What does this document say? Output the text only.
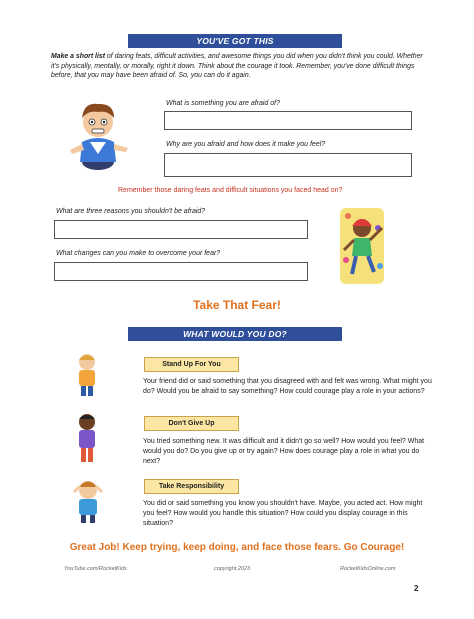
YOU'VE GOT THIS
Make a short list of daring feats, difficult activities, and awesome things you did when you didn't think you could. Whether it's physically, mentally, or morally, right it down. Think about the courage it took. Remember, you've done difficult things before, that you may have been afraid of. So, you can do it again.
What is something you are afraid of?
Why are you afraid and how does it make you feel?
Remember those daring feats and difficult situations you faced head on?
What are three reasons you shouldn't be afraid?
What changes can you make to overcome your fear?
Take That Fear!
WHAT WOULD YOU DO?
Stand Up For You
Your friend did or said something that you disagreed with and felt was wrong. What might you do? Would you be afraid to say something? How could courage play a role in your actions?
Don't Give Up
You tried something new. It was difficult and it didn't go so well? How would you feel? What would you do? Do you give up or try again? How does courage play a role in what you do next?
Take Responsibility
You did or said something you know you shouldn't have. Maybe, you acted act. How might you feel? How would you handle this situation? How could you display courage in this situation?
Great Job! Keep trying, keep doing, and face those fears. Go Courage!
YouTube.com/RocketKids	copyright.2023	RocketKidsOnline.com
2
